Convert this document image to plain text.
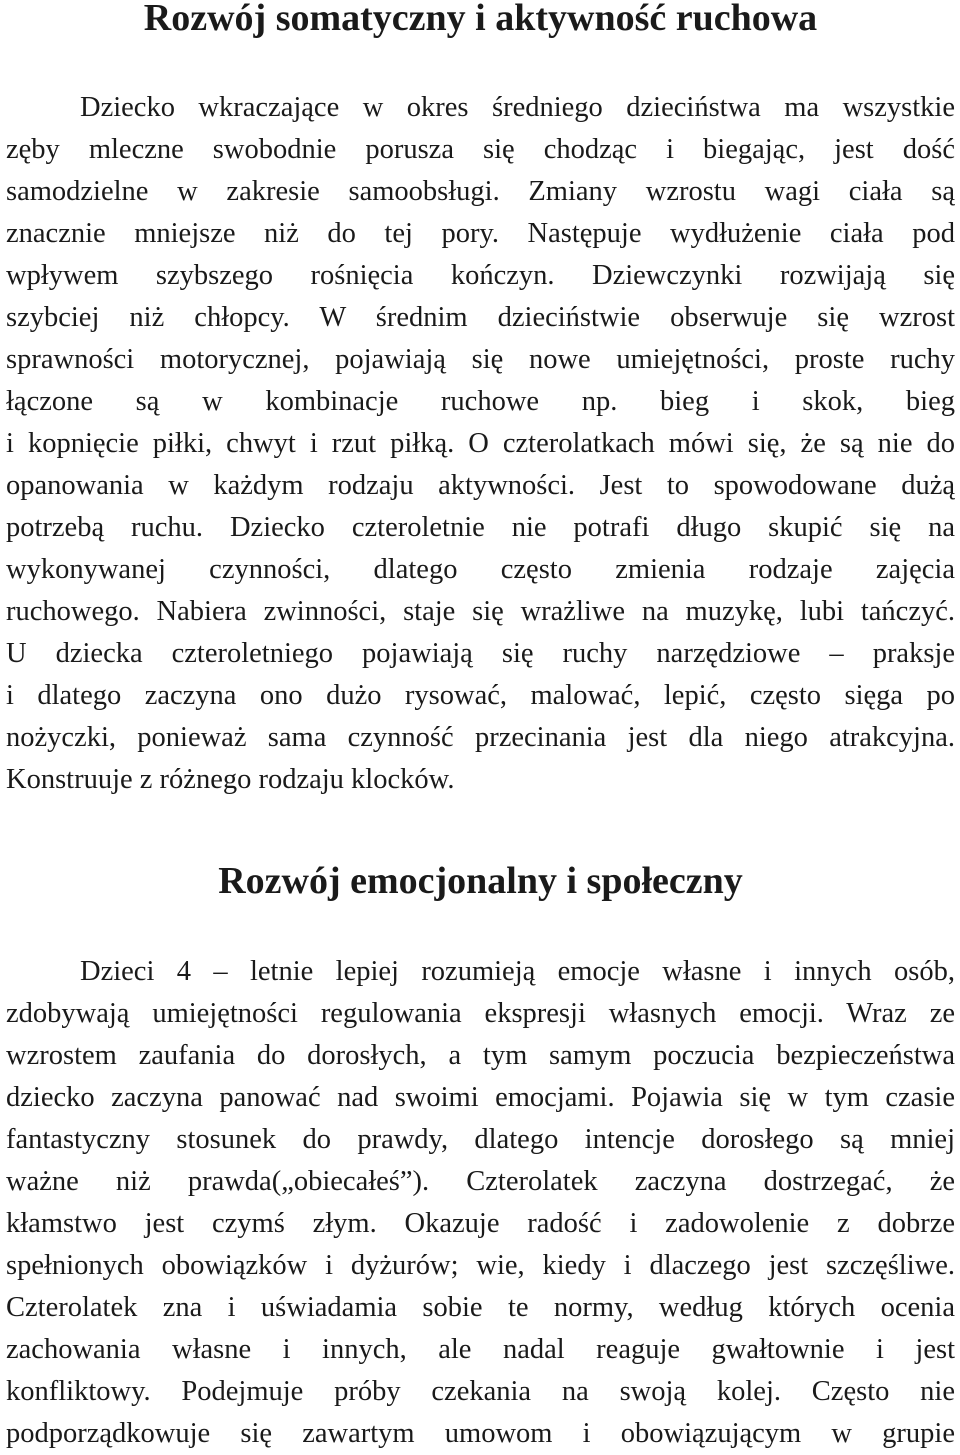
Rozwój somatyczny i aktywność ruchowa
Dziecko wkraczające w okres średniego dzieciństwa ma wszystkie
zęby mleczne swobodnie porusza się chodząc i biegając, jest dość
samodzielne w zakresie samoobsługi. Zmiany wzrostu wagi ciała są
znacznie mniejsze niż do tej pory. Następuje wydłużenie ciała pod
wpływem szybszego rośnięcia kończyn. Dziewczynki rozwijają się
szybciej niż chłopcy. W średnim dzieciństwie obserwuje się wzrost
sprawności motorycznej, pojawiają się nowe umiejętności, proste ruchy
łączone są w kombinacje ruchowe np. bieg i skok, bieg
i kopnięcie piłki, chwyt i rzut piłką. O czterolatkach mówi się, że są nie do
opanowania w każdym rodzaju aktywności. Jest to spowodowane dużą
potrzebą ruchu. Dziecko czteroletnie nie potrafi długo skupić się na
wykonywanej czynności, dlatego często zmienia rodzaje zajęcia
ruchowego. Nabiera zwinności, staje się wrażliwe na muzykę, lubi tańczyć.
U dziecka czteroletniego pojawiają się ruchy narzędziowe – praksje
i dlatego zaczyna ono dużo rysować, malować, lepić, często sięga po
nożyczki, ponieważ sama czynność przecinania jest dla niego atrakcyjna.
Konstruuje z różnego rodzaju klocków.
Rozwój emocjonalny i społeczny
Dzieci 4 – letnie lepiej rozumieją emocje własne i innych osób,
zdobywają umiejętności regulowania ekspresji własnych emocji. Wraz ze
wzrostem zaufania do dorosłych, a tym samym poczucia bezpieczeństwa
dziecko zaczyna panować nad swoimi emocjami. Pojawia się w tym czasie
fantastyczny stosunek do prawdy, dlatego intencje dorosłego są mniej
ważne niż prawda(„obiecałeś”). Czterolatek zaczyna dostrzegać, że
kłamstwo jest czymś złym. Okazuje radość i zadowolenie z dobrze
spełnionych obowiązków i dyżurów; wie, kiedy i dlaczego jest szczęśliwe.
Czterolatek zna i uświadamia sobie te normy, według których ocenia
zachowania własne i innych, ale nadal reaguje gwałtownie i jest
konfliktowy. Podejmuje próby czekania na swoją kolej. Często nie
podporządkowuje się zawartym umowom i obowiązującym w grupie
